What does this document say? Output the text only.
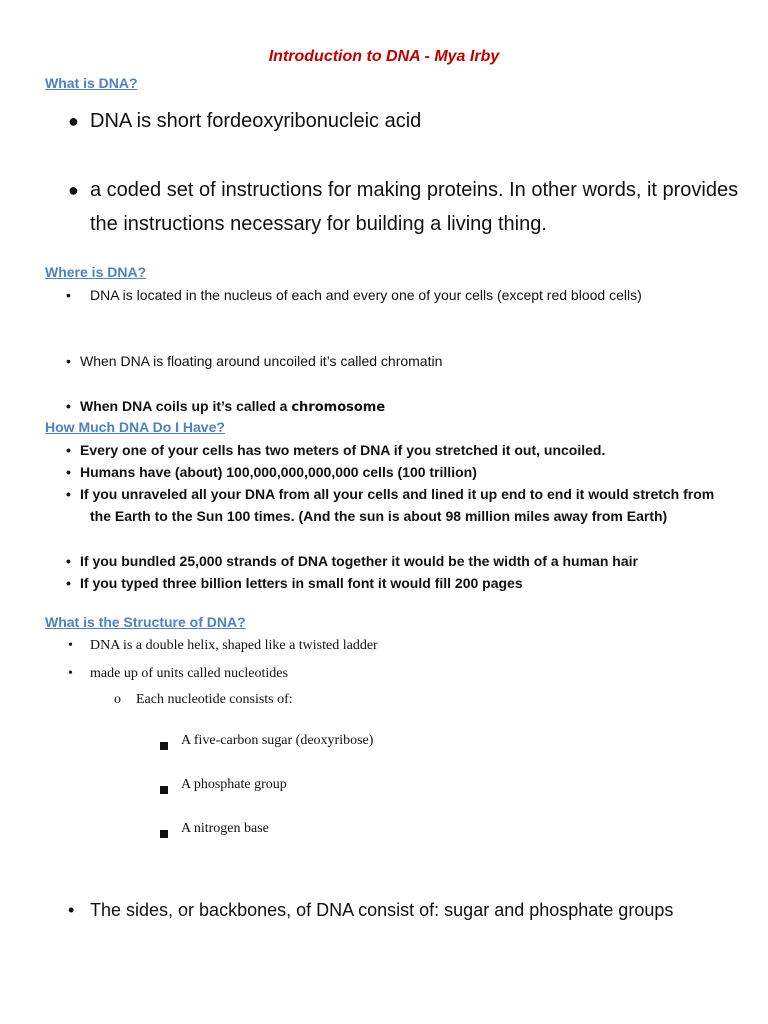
Introduction to DNA - Mya Irby
What is DNA?
● DNA is short fordeoxyribonucleic acid
● a coded set of instructions for making proteins. In other words, it provides the instructions necessary for building a living thing.
Where is DNA?
• DNA is located in the nucleus of each and every one of your cells (except red blood cells)
• When DNA is floating around uncoiled it’s called chromatin
• When DNA coils up it’s called a chromosome
How Much DNA Do I Have?
• Every one of your cells has two meters of DNA if you stretched it out, uncoiled.
• Humans have (about) 100,000,000,000,000 cells (100 trillion)
• If you unraveled all your DNA from all your cells and lined it up end to end it would stretch from the Earth to the Sun 100 times. (And the sun is about 98 million miles away from Earth)
• If you bundled 25,000 strands of DNA together it would be the width of a human hair
• If you typed three billion letters in small font it would fill 200 pages
What is the Structure of DNA?
•	DNA is a double helix, shaped like a twisted ladder
•	made up of units called nucleotides
o	Each nucleotide consists of:
A five-carbon sugar (deoxyribose)
A phosphate group
A nitrogen base
• The sides, or backbones, of DNA consist of: sugar and phosphate groups
